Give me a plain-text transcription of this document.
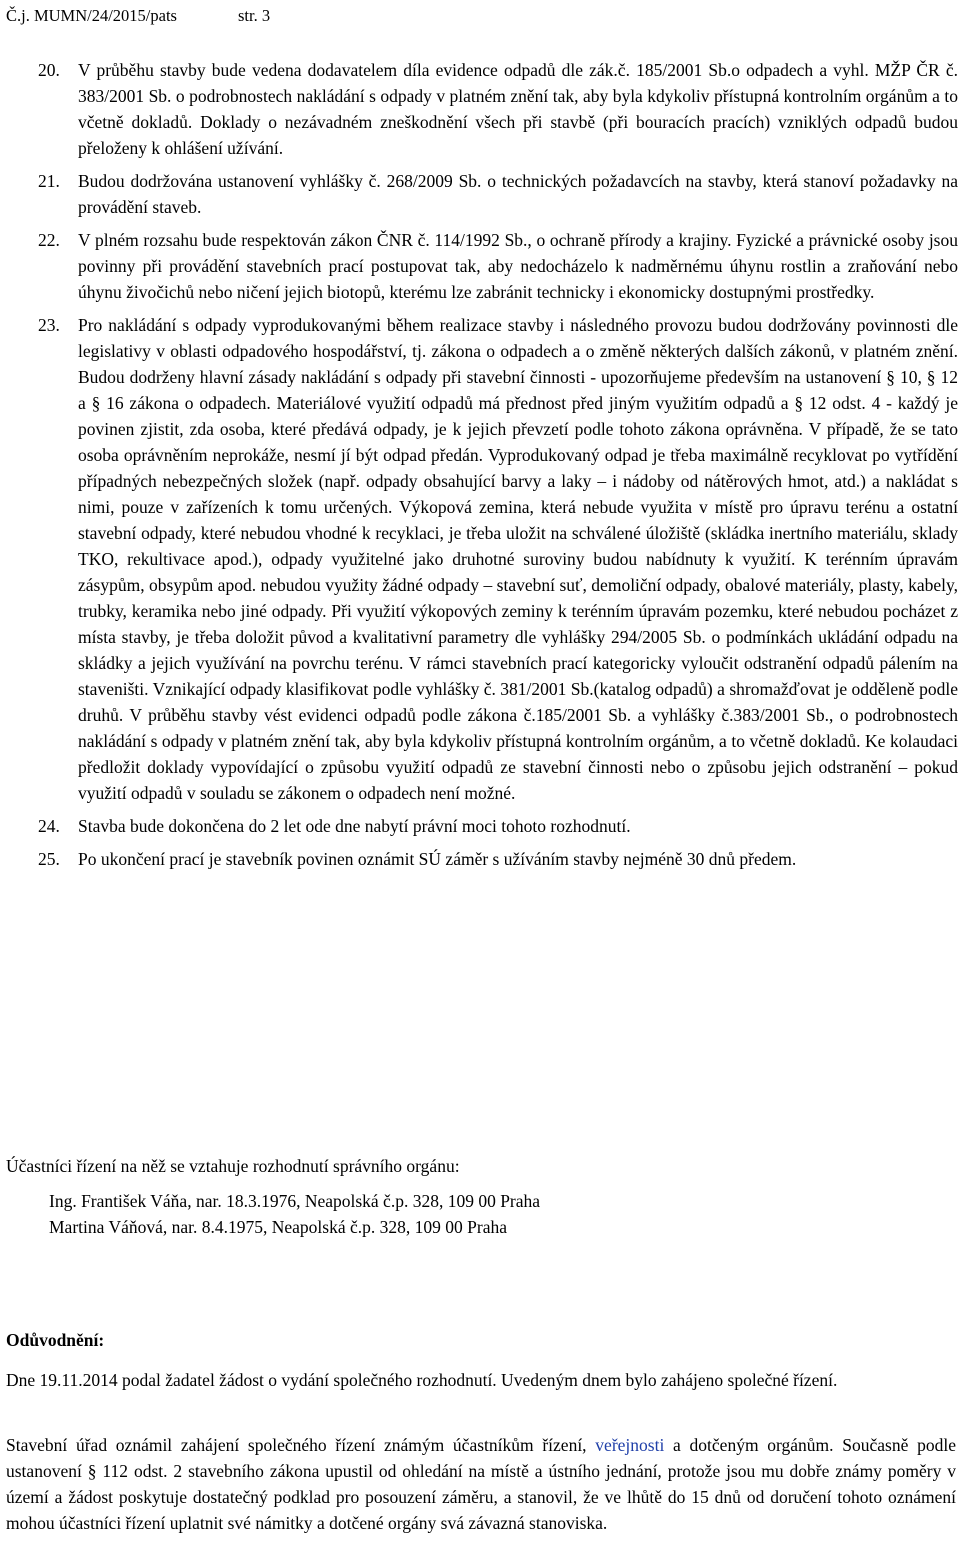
Č.j. MUMN/24/2015/pats	str. 3
20. V průběhu stavby bude vedena dodavatelem díla evidence odpadů dle zák.č. 185/2001 Sb.o odpadech a vyhl. MŽP ČR č. 383/2001 Sb. o podrobnostech nakládání s odpady v platném znění tak, aby byla kdykoliv přístupná kontrolním orgánům a to včetně dokladů. Doklady o nezávadném zneškodnění všech při stavbě (při bouracích pracích) vzniklých odpadů budou přeloženy k ohlášení užívání.
21. Budou dodržována ustanovení vyhlášky č. 268/2009 Sb. o technických požadavcích na stavby, která stanoví požadavky na provádění staveb.
22. V plném rozsahu bude respektován zákon ČNR č. 114/1992 Sb., o ochraně přírody a krajiny. Fyzické a právnické osoby jsou povinny při provádění stavebních prací postupovat tak, aby nedocházelo k nadměrnému úhynu rostlin a zraňování nebo úhynu živočichů nebo ničení jejich biotopů, kterému lze zabránit technicky i ekonomicky dostupnými prostředky.
23. Pro nakládání s odpady vyprodukovanými během realizace stavby i následného provozu budou dodržovány povinnosti dle legislativy v oblasti odpadového hospodářství, tj. zákona o odpadech a o změně některých dalších zákonů, v platném znění. Budou dodrženy hlavní zásady nakládání s odpady při stavební činnosti - upozorňujeme především na ustanovení § 10, § 12 a § 16 zákona o odpadech. Materiálové využití odpadů má přednost před jiným využitím odpadů a § 12 odst. 4 - každý je povinen zjistit, zda osoba, které předává odpady, je k jejich převzetí podle tohoto zákona oprávněna. V případě, že se tato osoba oprávněním neprokáže, nesmí jí být odpad předán. Vyprodukovaný odpad je třeba maximálně recyklovat po vytřídění případných nebezpečných složek (např. odpady obsahující barvy a laky – i nádoby od nátěrových hmot, atd.) a nakládat s nimi, pouze v zařízeních k tomu určených. Výkopová zemina, která nebude využita v místě pro úpravu terénu a ostatní stavební odpady, které nebudou vhodné k recyklaci, je třeba uložit na schválené úložiště (skládka inertního materiálu, sklady TKO, rekultivace apod.), odpady využitelné jako druhotné suroviny budou nabídnuty k využití. K terénním úpravám zásypům, obsypům apod. nebudou využity žádné odpady – stavební suť, demoliční odpady, obalové materiály, plasty, kabely, trubky, keramika nebo jiné odpady. Při využití výkopových zeminy k terénním úpravám pozemku, které nebudou pocházet z místa stavby, je třeba doložit původ a kvalitativní parametry dle vyhlášky 294/2005 Sb. o podmínkách ukládání odpadu na skládky a jejich využívání na povrchu terénu. V rámci stavebních prací kategoricky vyloučit odstranění odpadů pálením na staveništi. Vznikající odpady klasifikovat podle vyhlášky č. 381/2001 Sb.(katalog odpadů) a shromažďovat je odděleně podle druhů. V průběhu stavby vést evidenci odpadů podle zákona č.185/2001 Sb. a vyhlášky č.383/2001 Sb., o podrobnostech nakládání s odpady v platném znění tak, aby byla kdykoliv přístupná kontrolním orgánům, a to včetně dokladů. Ke kolaudaci předložit doklady vypovídající o způsobu využití odpadů ze stavební činnosti nebo o způsobu jejich odstranění – pokud využití odpadů v souladu se zákonem o odpadech není možné.
24. Stavba bude dokončena do 2 let ode dne nabytí právní moci tohoto rozhodnutí.
25. Po ukončení prací je stavebník povinen oznámit SÚ záměr s užíváním stavby nejméně 30 dnů předem.
Účastníci řízení na něž se vztahuje rozhodnutí správního orgánu:
Ing. František Váňa, nar. 18.3.1976, Neapolská č.p. 328, 109 00 Praha
Martina Váňová, nar. 8.4.1975, Neapolská č.p. 328, 109 00 Praha
Odůvodnění:
Dne 19.11.2014 podal žadatel žádost o vydání společného rozhodnutí. Uvedeným dnem bylo zahájeno společné řízení.
Stavební úřad oznámil zahájení společného řízení známým účastníkům řízení, veřejnosti a dotčeným orgánům. Současně podle ustanovení § 112 odst. 2 stavebního zákona upustil od ohledání na místě a ústního jednání, protože jsou mu dobře známy poměry v území a žádost poskytuje dostatečný podklad pro posouzení záměru, a stanovil, že ve lhůtě do 15 dnů od doručení tohoto oznámení mohou účastníci řízení uplatnit své námitky a dotčené orgány svá závazná stanoviska.
